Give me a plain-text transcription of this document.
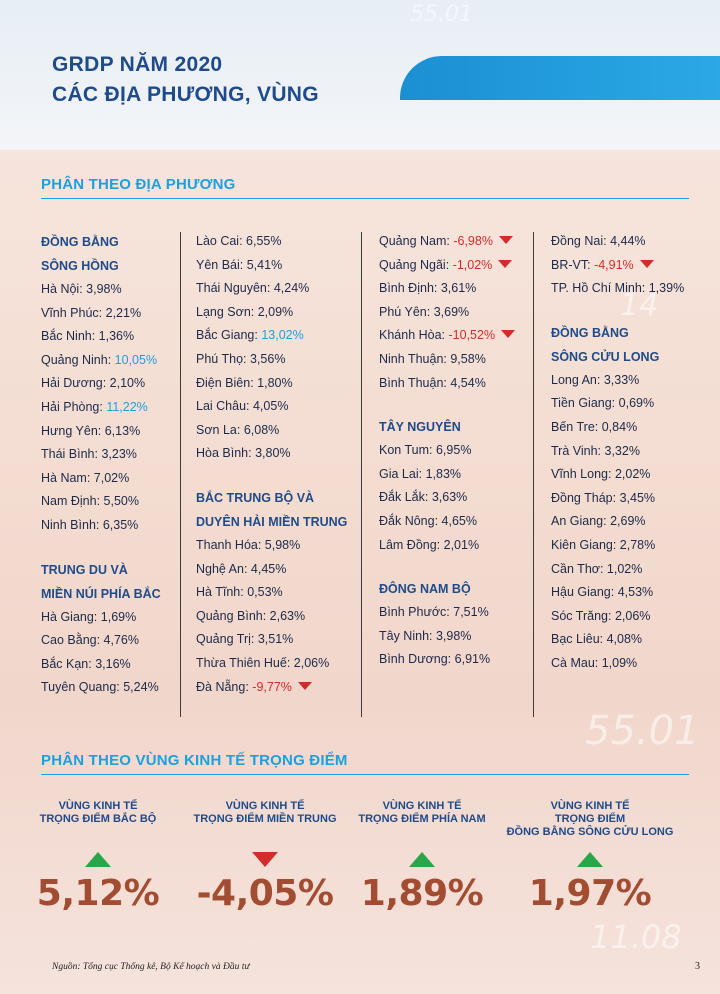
GRDP NĂM 2020
CÁC ĐỊA PHƯƠNG, VÙNG
55.01
14
55.01
11.08
PHÂN THEO ĐỊA PHƯƠNG
ĐỒNG BẰNG
SÔNG HỒNG
Hà Nội: 3,98%
Vĩnh Phúc: 2,21%
Bắc Ninh: 1,36%
Quảng Ninh: 10,05%
Hải Dương: 2,10%
Hải Phòng: 11,22%
Hưng Yên: 6,13%
Thái Bình: 3,23%
Hà Nam: 7,02%
Nam Định: 5,50%
Ninh Bình: 6,35%
TRUNG DU VÀ
MIỀN NÚI PHÍA BẮC
Hà Giang: 1,69%
Cao Bằng: 4,76%
Bắc Kạn: 3,16%
Tuyên Quang: 5,24%
Lào Cai: 6,55%
Yên Bái: 5,41%
Thái Nguyên: 4,24%
Lạng Sơn: 2,09%
Bắc Giang: 13,02%
Phú Thọ: 3,56%
Điện Biên: 1,80%
Lai Châu: 4,05%
Sơn La: 6,08%
Hòa Bình: 3,80%
BẮC TRUNG BỘ VÀ
DUYÊN HẢI MIỀN TRUNG
Thanh Hóa: 5,98%
Nghệ An: 4,45%
Hà Tĩnh: 0,53%
Quảng Bình: 2,63%
Quảng Trị: 3,51%
Thừa Thiên Huế: 2,06%
Đà Nẵng: -9,77%
Quảng Nam: -6,98%
Quảng Ngãi: -1,02%
Bình Định: 3,61%
Phú Yên: 3,69%
Khánh Hòa: -10,52%
Ninh Thuận: 9,58%
Bình Thuận: 4,54%
TÂY NGUYÊN
Kon Tum: 6,95%
Gia Lai: 1,83%
Đắk Lắk: 3,63%
Đắk Nông: 4,65%
Lâm Đồng: 2,01%
ĐÔNG NAM BỘ
Bình Phước: 7,51%
Tây Ninh: 3,98%
Bình Dương: 6,91%
Đồng Nai: 4,44%
BR-VT: -4,91%
TP. Hồ Chí Minh: 1,39%
ĐỒNG BẰNG
SÔNG CỬU LONG
Long An: 3,33%
Tiền Giang: 0,69%
Bến Tre: 0,84%
Trà Vinh: 3,32%
Vĩnh Long: 2,02%
Đồng Tháp: 3,45%
An Giang: 2,69%
Kiên Giang: 2,78%
Cần Thơ: 1,02%
Hậu Giang: 4,53%
Sóc Trăng: 2,06%
Bạc Liêu: 4,08%
Cà Mau: 1,09%
PHÂN THEO VÙNG KINH TẾ TRỌNG ĐIỂM
VÙNG KINH TẾ
TRỌNG ĐIỂM BẮC BỘ
5,12%
VÙNG KINH TẾ
TRỌNG ĐIỂM MIỀN TRUNG
-4,05%
VÙNG KINH TẾ
TRỌNG ĐIỂM PHÍA NAM
1,89%
VÙNG KINH TẾ
TRỌNG ĐIỂM
ĐỒNG BẰNG SÔNG CỬU LONG
1,97%
Nguồn: Tổng cục Thống kê, Bộ Kế hoạch và Đầu tư	3
